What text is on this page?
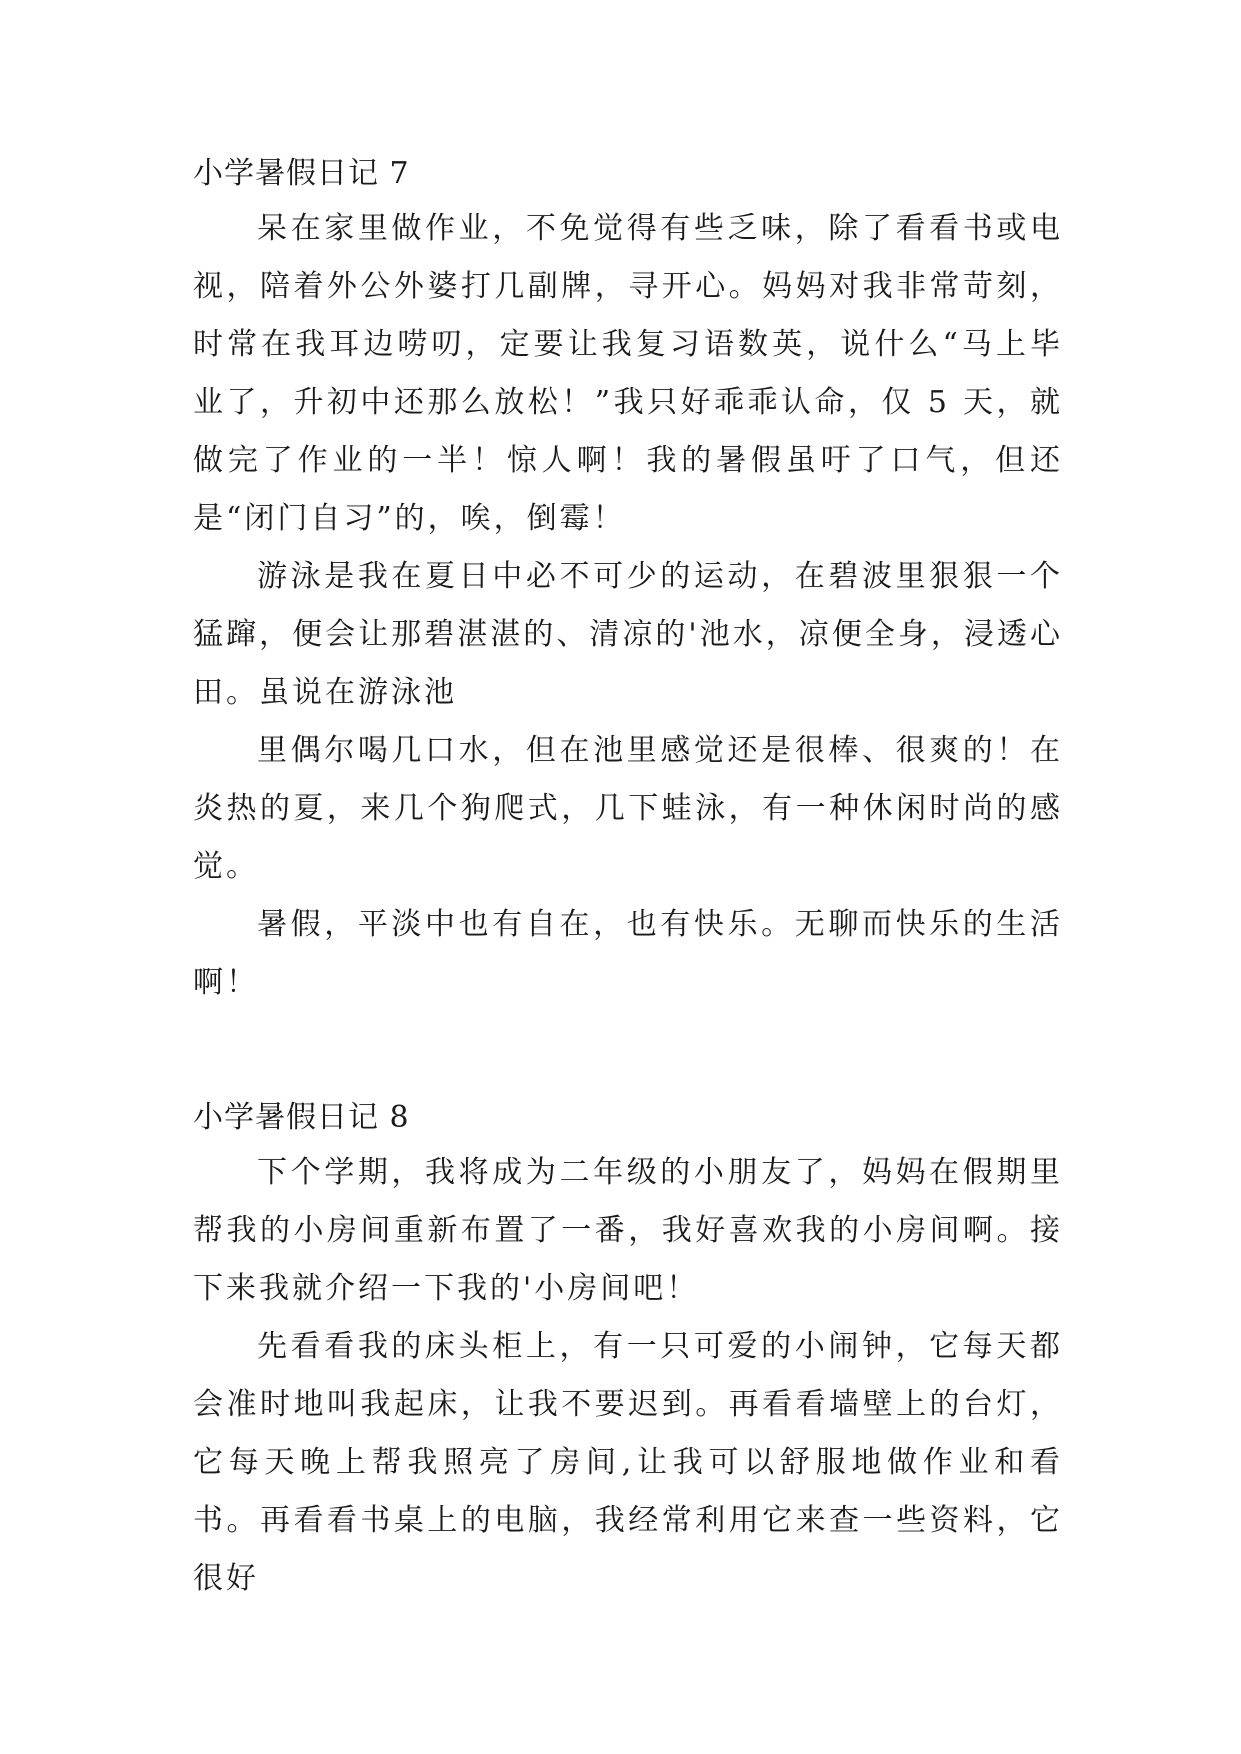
小学暑假日记 7

呆在家里做作业，不免觉得有些乏味，除了看看书或电视，陪着外公外婆打几副牌，寻开心。妈妈对我非常苛刻，时常在我耳边唠叨，定要让我复习语数英，说什么“马上毕业了，升初中还那么放松！”我只好乖乖认命，仅 5 天，就做完了作业的一半！惊人啊！我的暑假虽吁了口气，但还是“闭门自习”的，唉，倒霉！

游泳是我在夏日中必不可少的运动，在碧波里狠狠一个猛蹿，便会让那碧湛湛的、清凉的'池水，凉便全身，浸透心田。虽说在游泳池

里偶尔喝几口水，但在池里感觉还是很棒、很爽的！在炎热的夏，来几个狗爬式，几下蛙泳，有一种休闲时尚的感觉。

暑假，平淡中也有自在，也有快乐。无聊而快乐的生活啊！

小学暑假日记 8

下个学期，我将成为二年级的小朋友了，妈妈在假期里帮我的小房间重新布置了一番，我好喜欢我的小房间啊。接下来我就介绍一下我的'小房间吧！

先看看我的床头柜上，有一只可爱的小闹钟，它每天都会准时地叫我起床，让我不要迟到。再看看墙壁上的台灯，它每天晚上帮我照亮了房间,让我可以舒服地做作业和看书。再看看书桌上的电脑，我经常利用它来查一些资料，它很好
